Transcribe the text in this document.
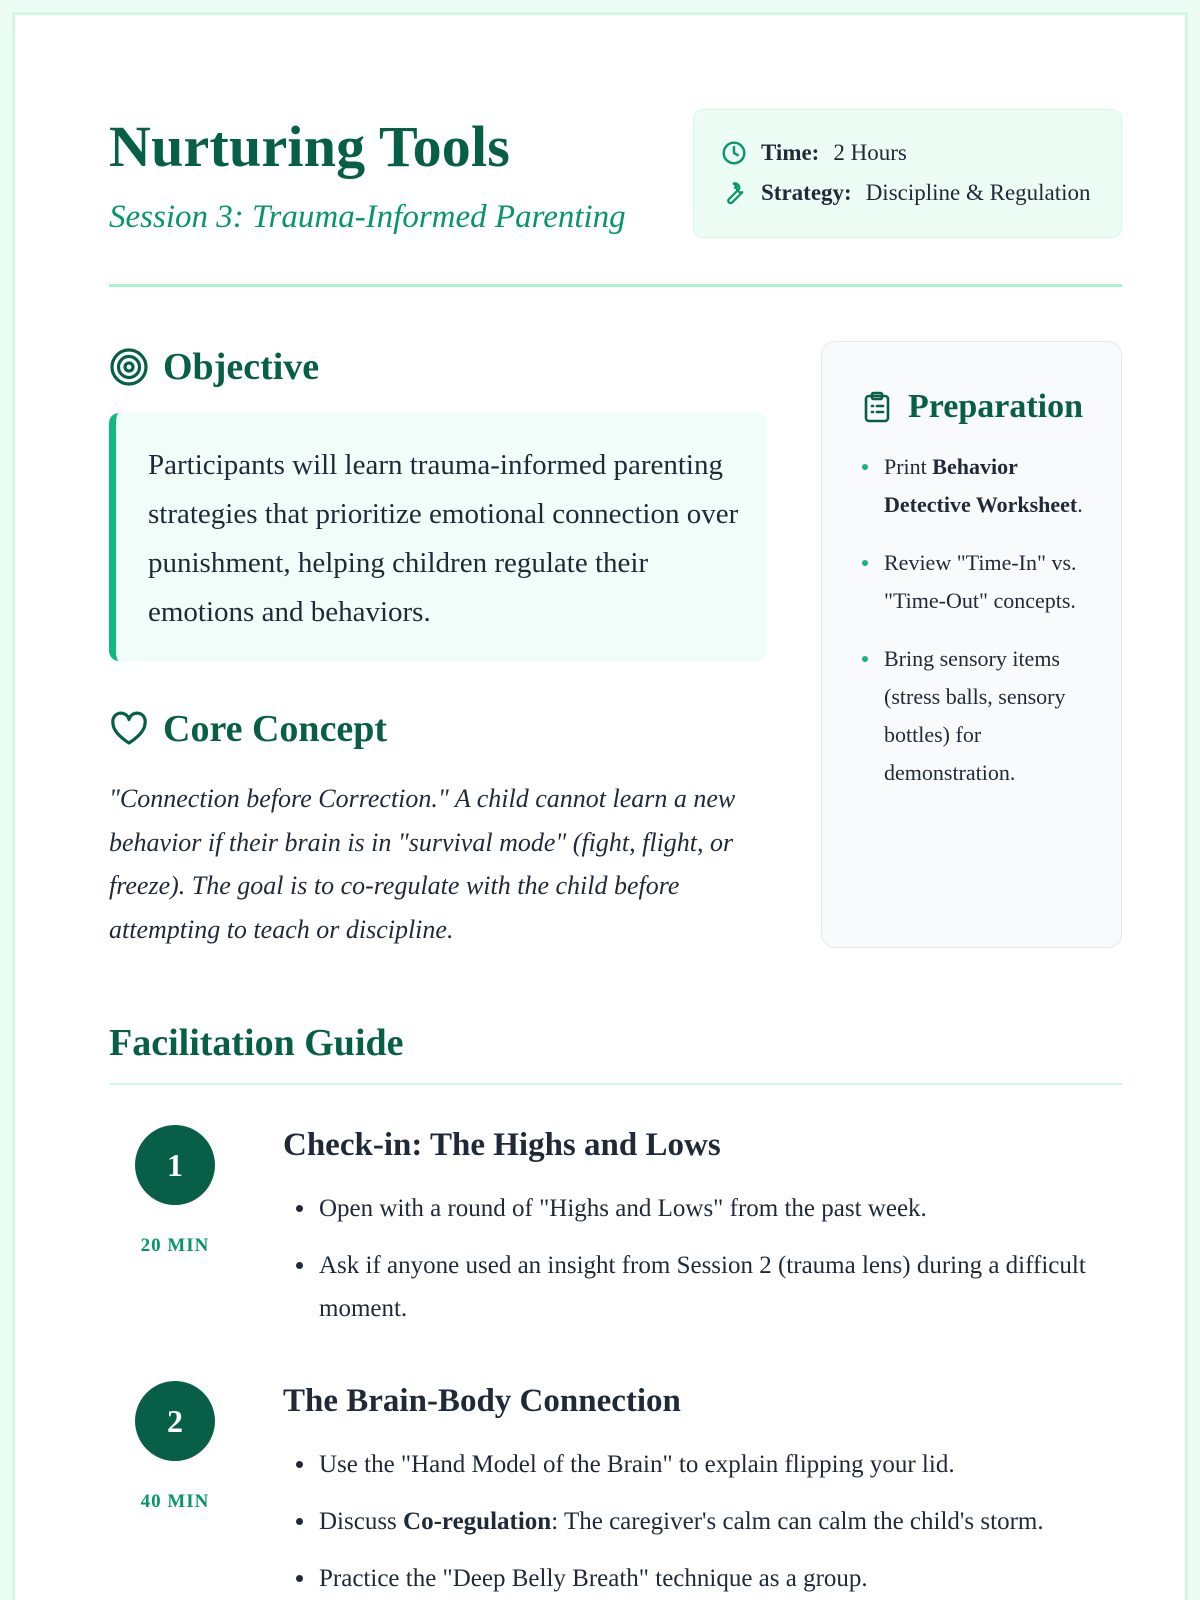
Nurturing Tools
Session 3: Trauma-Informed Parenting
Time: 2 Hours
Strategy: Discipline & Regulation
Objective
Participants will learn trauma-informed parenting strategies that prioritize emotional connection over punishment, helping children regulate their emotions and behaviors.
Core Concept
"Connection before Correction." A child cannot learn a new behavior if their brain is in "survival mode" (fight, flight, or freeze). The goal is to co-regulate with the child before attempting to teach or discipline.
Preparation
Print Behavior Detective Worksheet.
Review "Time-In" vs. "Time-Out" concepts.
Bring sensory items (stress balls, sensory bottles) for demonstration.
Facilitation Guide
1
20 MIN
Check-in: The Highs and Lows
• Open with a round of "Highs and Lows" from the past week.
• Ask if anyone used an insight from Session 2 (trauma lens) during a difficult moment.
2
40 MIN
The Brain-Body Connection
• Use the "Hand Model of the Brain" to explain flipping your lid.
• Discuss Co-regulation: The caregiver's calm can calm the child's storm.
• Practice the "Deep Belly Breath" technique as a group.
